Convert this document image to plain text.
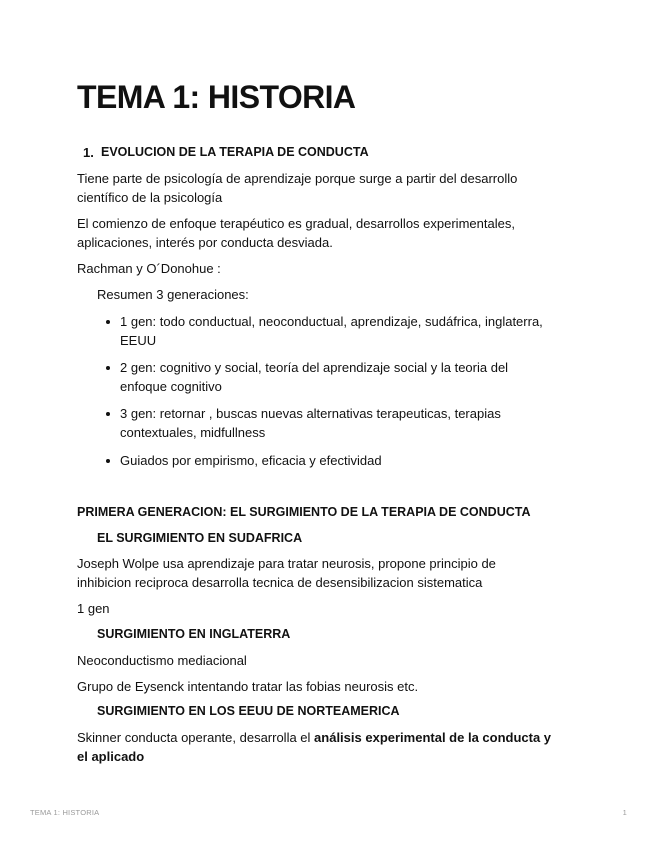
TEMA 1: HISTORIA
1. EVOLUCION DE LA TERAPIA DE CONDUCTA
Tiene parte de psicología de aprendizaje porque surge a partir del desarrollo
científico de la psicología
El comienzo de enfoque terapéutico es gradual, desarrollos experimentales,
aplicaciones, interés por conducta desviada.
Rachman y O´Donohue :
Resumen 3 generaciones:
1 gen: todo conductual, neoconductual, aprendizaje, sudáfrica, inglaterra,
EEUU
2 gen: cognitivo y social, teoría del aprendizaje social y la teoria del
enfoque cognitivo
3 gen: retornar , buscas nuevas alternativas terapeuticas, terapias
contextuales, midfullness
Guiados por empirismo, eficacia y efectividad
PRIMERA GENERACION: EL SURGIMIENTO DE LA TERAPIA DE CONDUCTA
EL SURGIMIENTO EN SUDAFRICA
Joseph Wolpe usa aprendizaje para tratar neurosis, propone principio de
inhibicion reciproca desarrolla tecnica de desensibilizacion sistematica
1 gen
SURGIMIENTO EN INGLATERRA
Neoconductismo mediacional
Grupo de Eysenck intentando tratar las fobias neurosis etc.
SURGIMIENTO EN LOS EEUU DE NORTEAMERICA
Skinner conducta operante, desarrolla el análisis experimental de la conducta y
el aplicado
TEMA 1: HISTORIA	1
